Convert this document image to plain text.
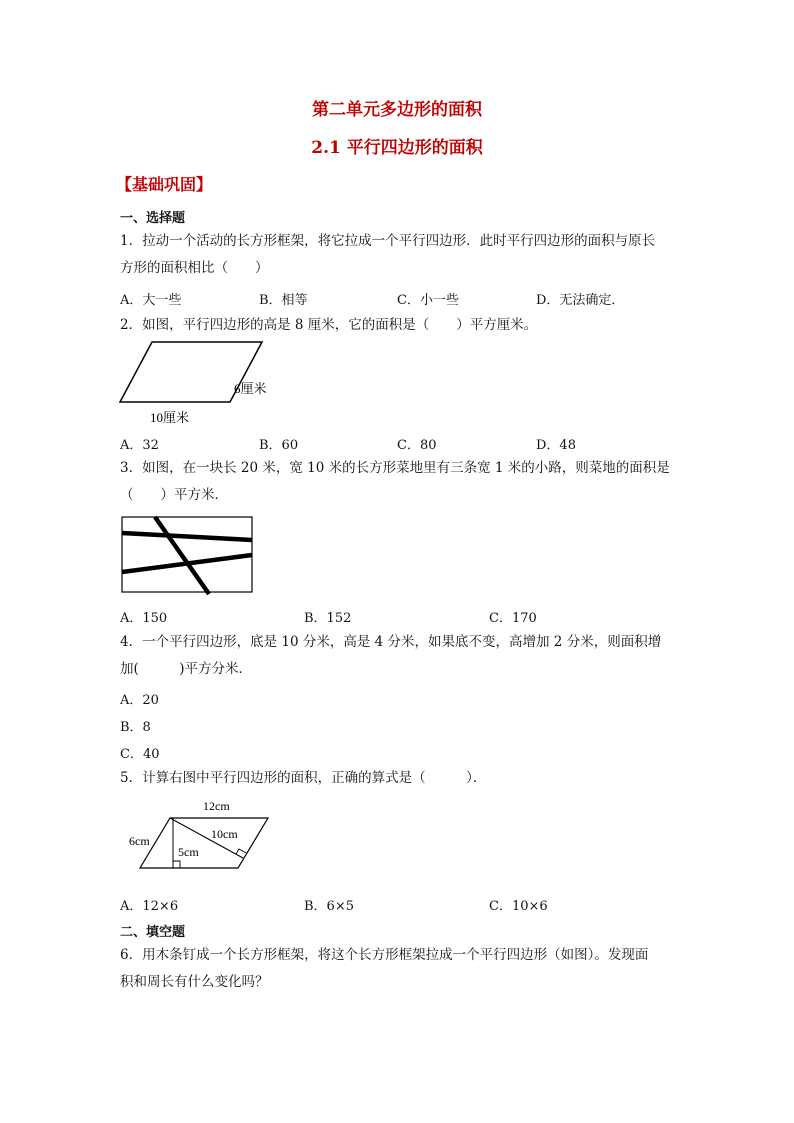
第二单元多边形的面积
2.1 平行四边形的面积
【基础巩固】
一、选择题
1．拉动一个活动的长方形框架，将它拉成一个平行四边形．此时平行四边形的面积与原长
方形的面积相比（　　）
A．大一些	B．相等	C．小一些	D．无法确定．
2．如图，平行四边形的高是 8 厘米，它的面积是（　　）平方厘米。
6厘米
10厘米
A．32	B．60	C．80	D．48
3．如图，在一块长 20 米，宽 10 米的长方形菜地里有三条宽 1 米的小路，则菜地的面积是
（　　）平方米．
A．150	B．152	C．170
4．一个平行四边形，底是 10 分米，高是 4 分米，如果底不变，高增加 2 分米，则面积增
加(　　　)平方分米．
A．20
B．8
C．40
5．计算右图中平行四边形的面积，正确的算式是（　　　）．
12cm
6cm	10cm
5cm
A．12×6	B．6×5	C．10×6
二、填空题
6．用木条钉成一个长方形框架，将这个长方形框架拉成一个平行四边形（如图）。发现面
积和周长有什么变化吗？
